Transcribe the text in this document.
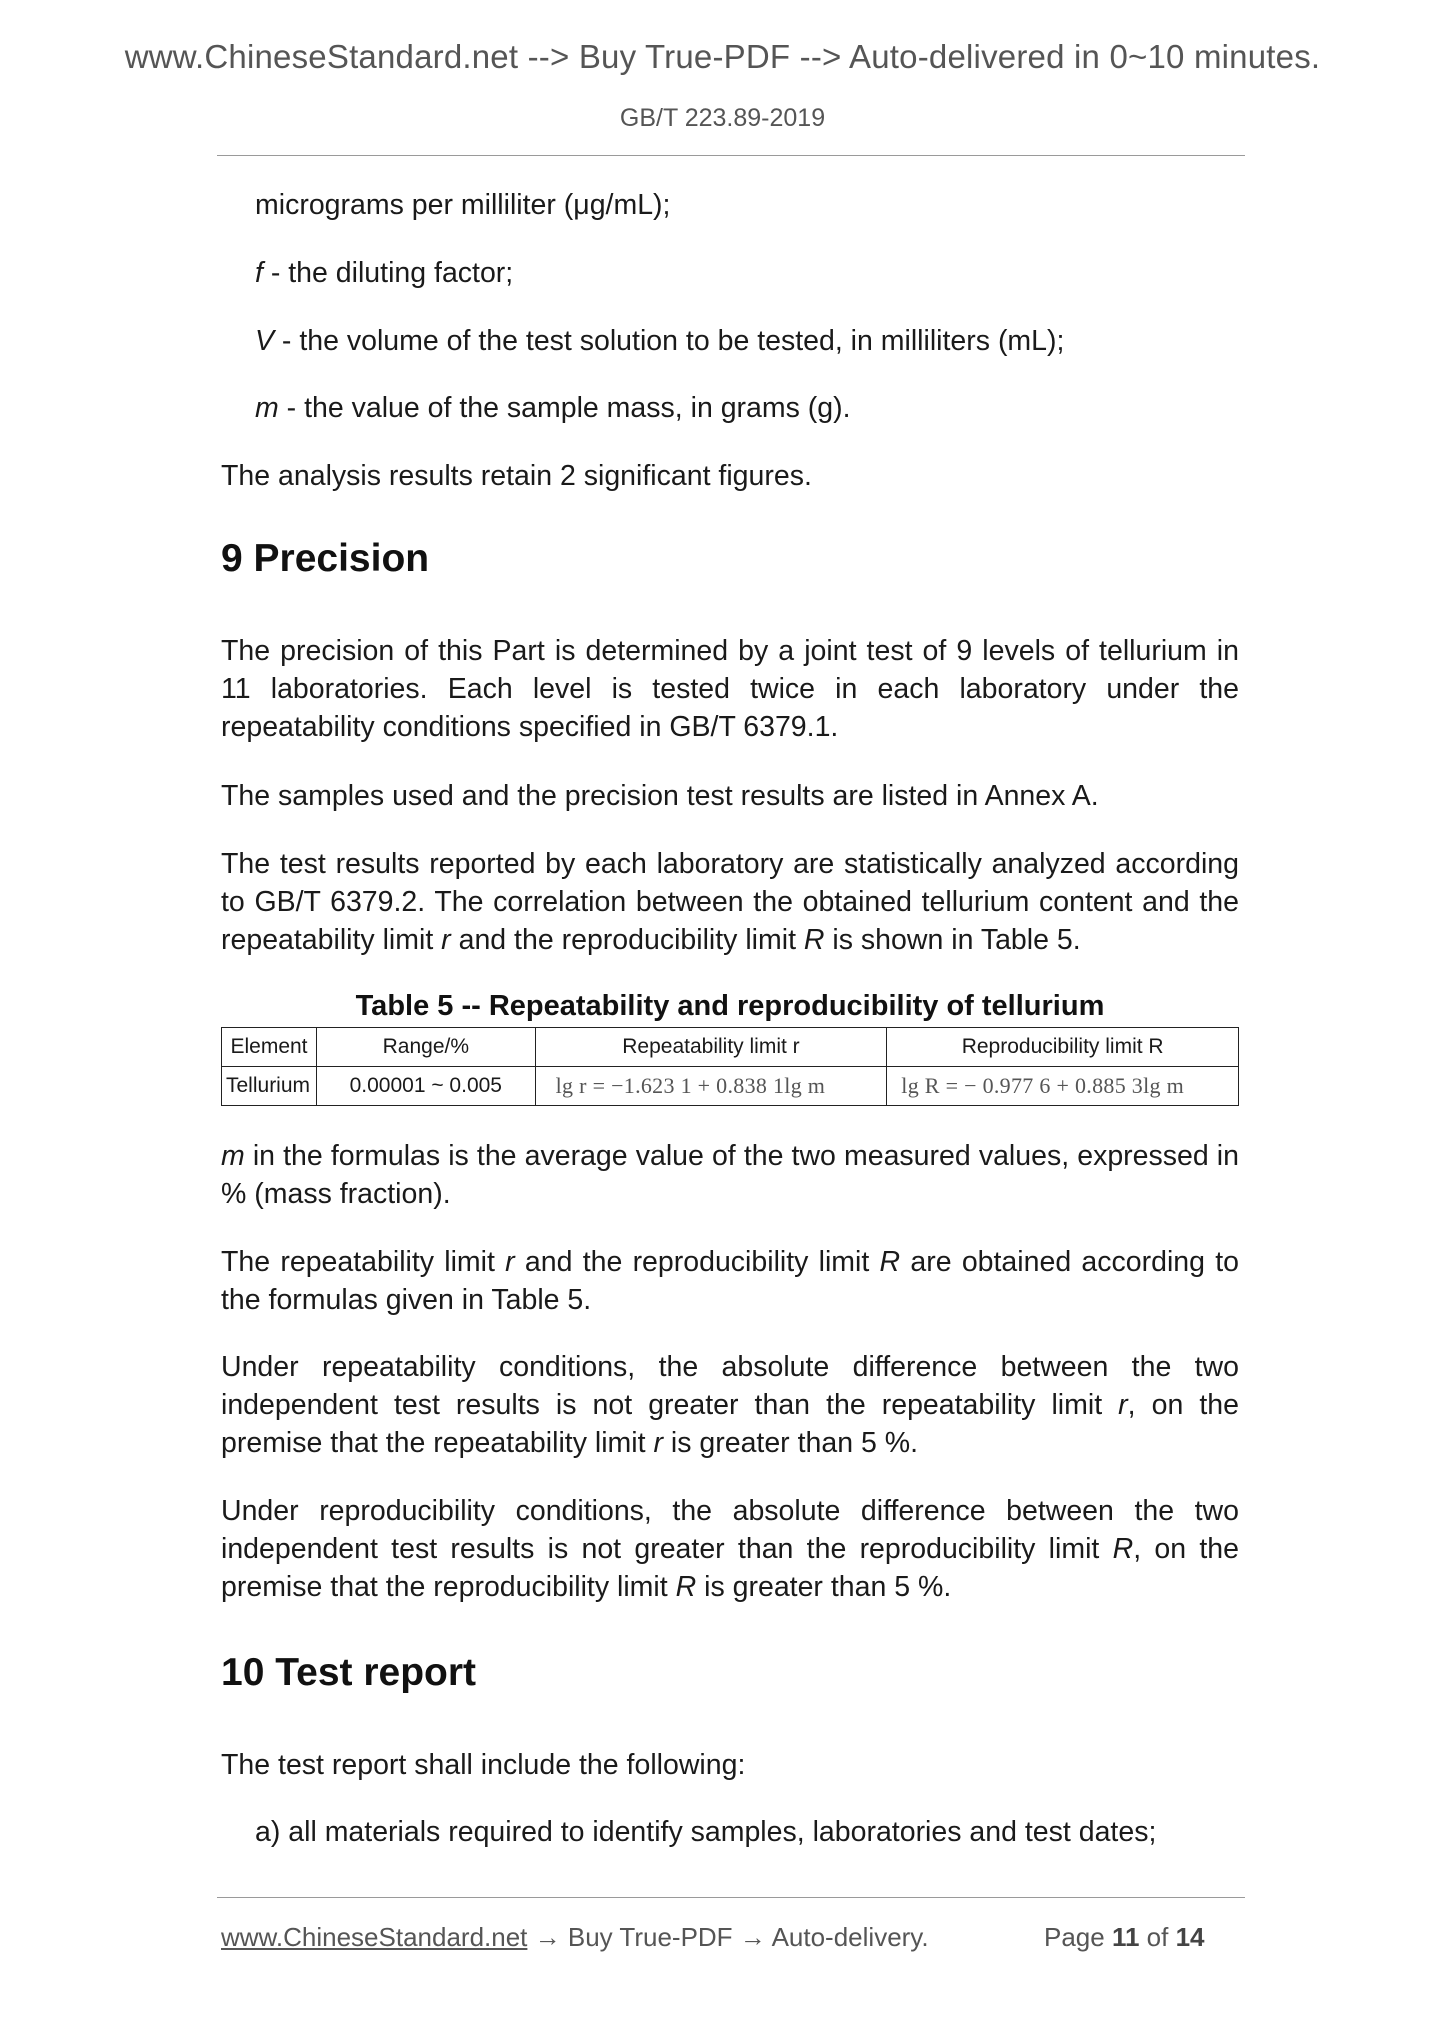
www.ChineseStandard.net --> Buy True-PDF --> Auto-delivered in 0~10 minutes.
GB/T 223.89-2019

micrograms per milliliter (μg/mL);

f - the diluting factor;

V - the volume of the test solution to be tested, in milliliters (mL);

m - the value of the sample mass, in grams (g).

The analysis results retain 2 significant figures.

9 Precision

The precision of this Part is determined by a joint test of 9 levels of tellurium in 11 laboratories. Each level is tested twice in each laboratory under the repeatability conditions specified in GB/T 6379.1.

The samples used and the precision test results are listed in Annex A.

The test results reported by each laboratory are statistically analyzed according to GB/T 6379.2. The correlation between the obtained tellurium content and the repeatability limit r and the reproducibility limit R is shown in Table 5.

Table 5 -- Repeatability and reproducibility of tellurium
Element	Range/%	Repeatability limit r	Reproducibility limit R
Tellurium	0.00001 ~ 0.005	lg r = −1.623 1 + 0.838 1lg m	lg R = − 0.977 6 + 0.885 3lg m

m in the formulas is the average value of the two measured values, expressed in % (mass fraction).

The repeatability limit r and the reproducibility limit R are obtained according to the formulas given in Table 5.

Under repeatability conditions, the absolute difference between the two independent test results is not greater than the repeatability limit r, on the premise that the repeatability limit r is greater than 5 %.

Under reproducibility conditions, the absolute difference between the two independent test results is not greater than the reproducibility limit R, on the premise that the reproducibility limit R is greater than 5 %.

10 Test report

The test report shall include the following:

a) all materials required to identify samples, laboratories and test dates;

www.ChineseStandard.net → Buy True-PDF → Auto-delivery.	Page 11 of 14
